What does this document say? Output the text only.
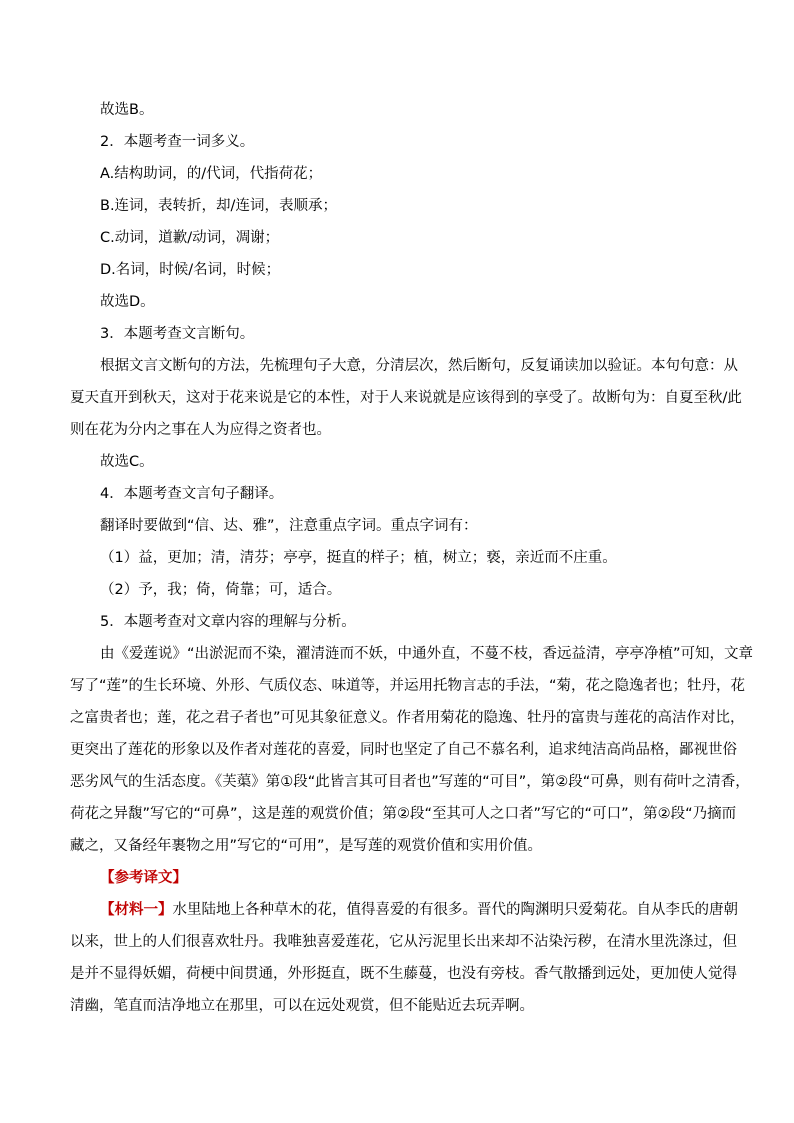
故选B。
2．本题考查一词多义。
A.结构助词，的/代词，代指荷花；
B.连词，表转折，却/连词，表顺承；
C.动词，道歉/动词，凋谢；
D.名词，时候/名词，时候；
故选D。
3．本题考查文言断句。
根据文言文断句的方法，先梳理句子大意，分清层次，然后断句，反复诵读加以验证。本句句意：从
夏天直开到秋天，这对于花来说是它的本性，对于人来说就是应该得到的享受了。故断句为：自夏至秋/此
则在花为分内之事在人为应得之资者也。
故选C。
4．本题考查文言句子翻译。
翻译时要做到“信、达、雅”，注意重点字词。重点字词有：
（1）益，更加；清，清芬；亭亭，挺直的样子；植，树立；亵，亲近而不庄重。
（2）予，我；倚，倚靠；可，适合。
5．本题考查对文章内容的理解与分析。
由《爱莲说》“出淤泥而不染，濯清涟而不妖，中通外直，不蔓不枝，香远益清，亭亭净植”可知，文章
写了“莲”的生长环境、外形、气质仪态、味道等，并运用托物言志的手法，“菊，花之隐逸者也；牡丹，花
之富贵者也；莲，花之君子者也”可见其象征意义。作者用菊花的隐逸、牡丹的富贵与莲花的高洁作对比，
更突出了莲花的形象以及作者对莲花的喜爱，同时也坚定了自己不慕名利，追求纯洁高尚品格，鄙视世俗
恶劣风气的生活态度。《芙蕖》第①段“此皆言其可目者也”写莲的“可目”，第②段“可鼻，则有荷叶之清香，
荷花之异馥”写它的“可鼻”，这是莲的观赏价值；第②段“至其可人之口者”写它的“可口”，第②段“乃摘而
藏之，又备经年裹物之用”写它的“可用”，是写莲的观赏价值和实用价值。
【参考译文】
【材料一】水里陆地上各种草木的花，值得喜爱的有很多。晋代的陶渊明只爱菊花。自从李氏的唐朝
以来，世上的人们很喜欢牡丹。我唯独喜爱莲花，它从污泥里长出来却不沾染污秽，在清水里洗涤过，但
是并不显得妖媚，荷梗中间贯通，外形挺直，既不生藤蔓，也没有旁枝。香气散播到远处，更加使人觉得
清幽，笔直而洁净地立在那里，可以在远处观赏，但不能贴近去玩弄啊。
